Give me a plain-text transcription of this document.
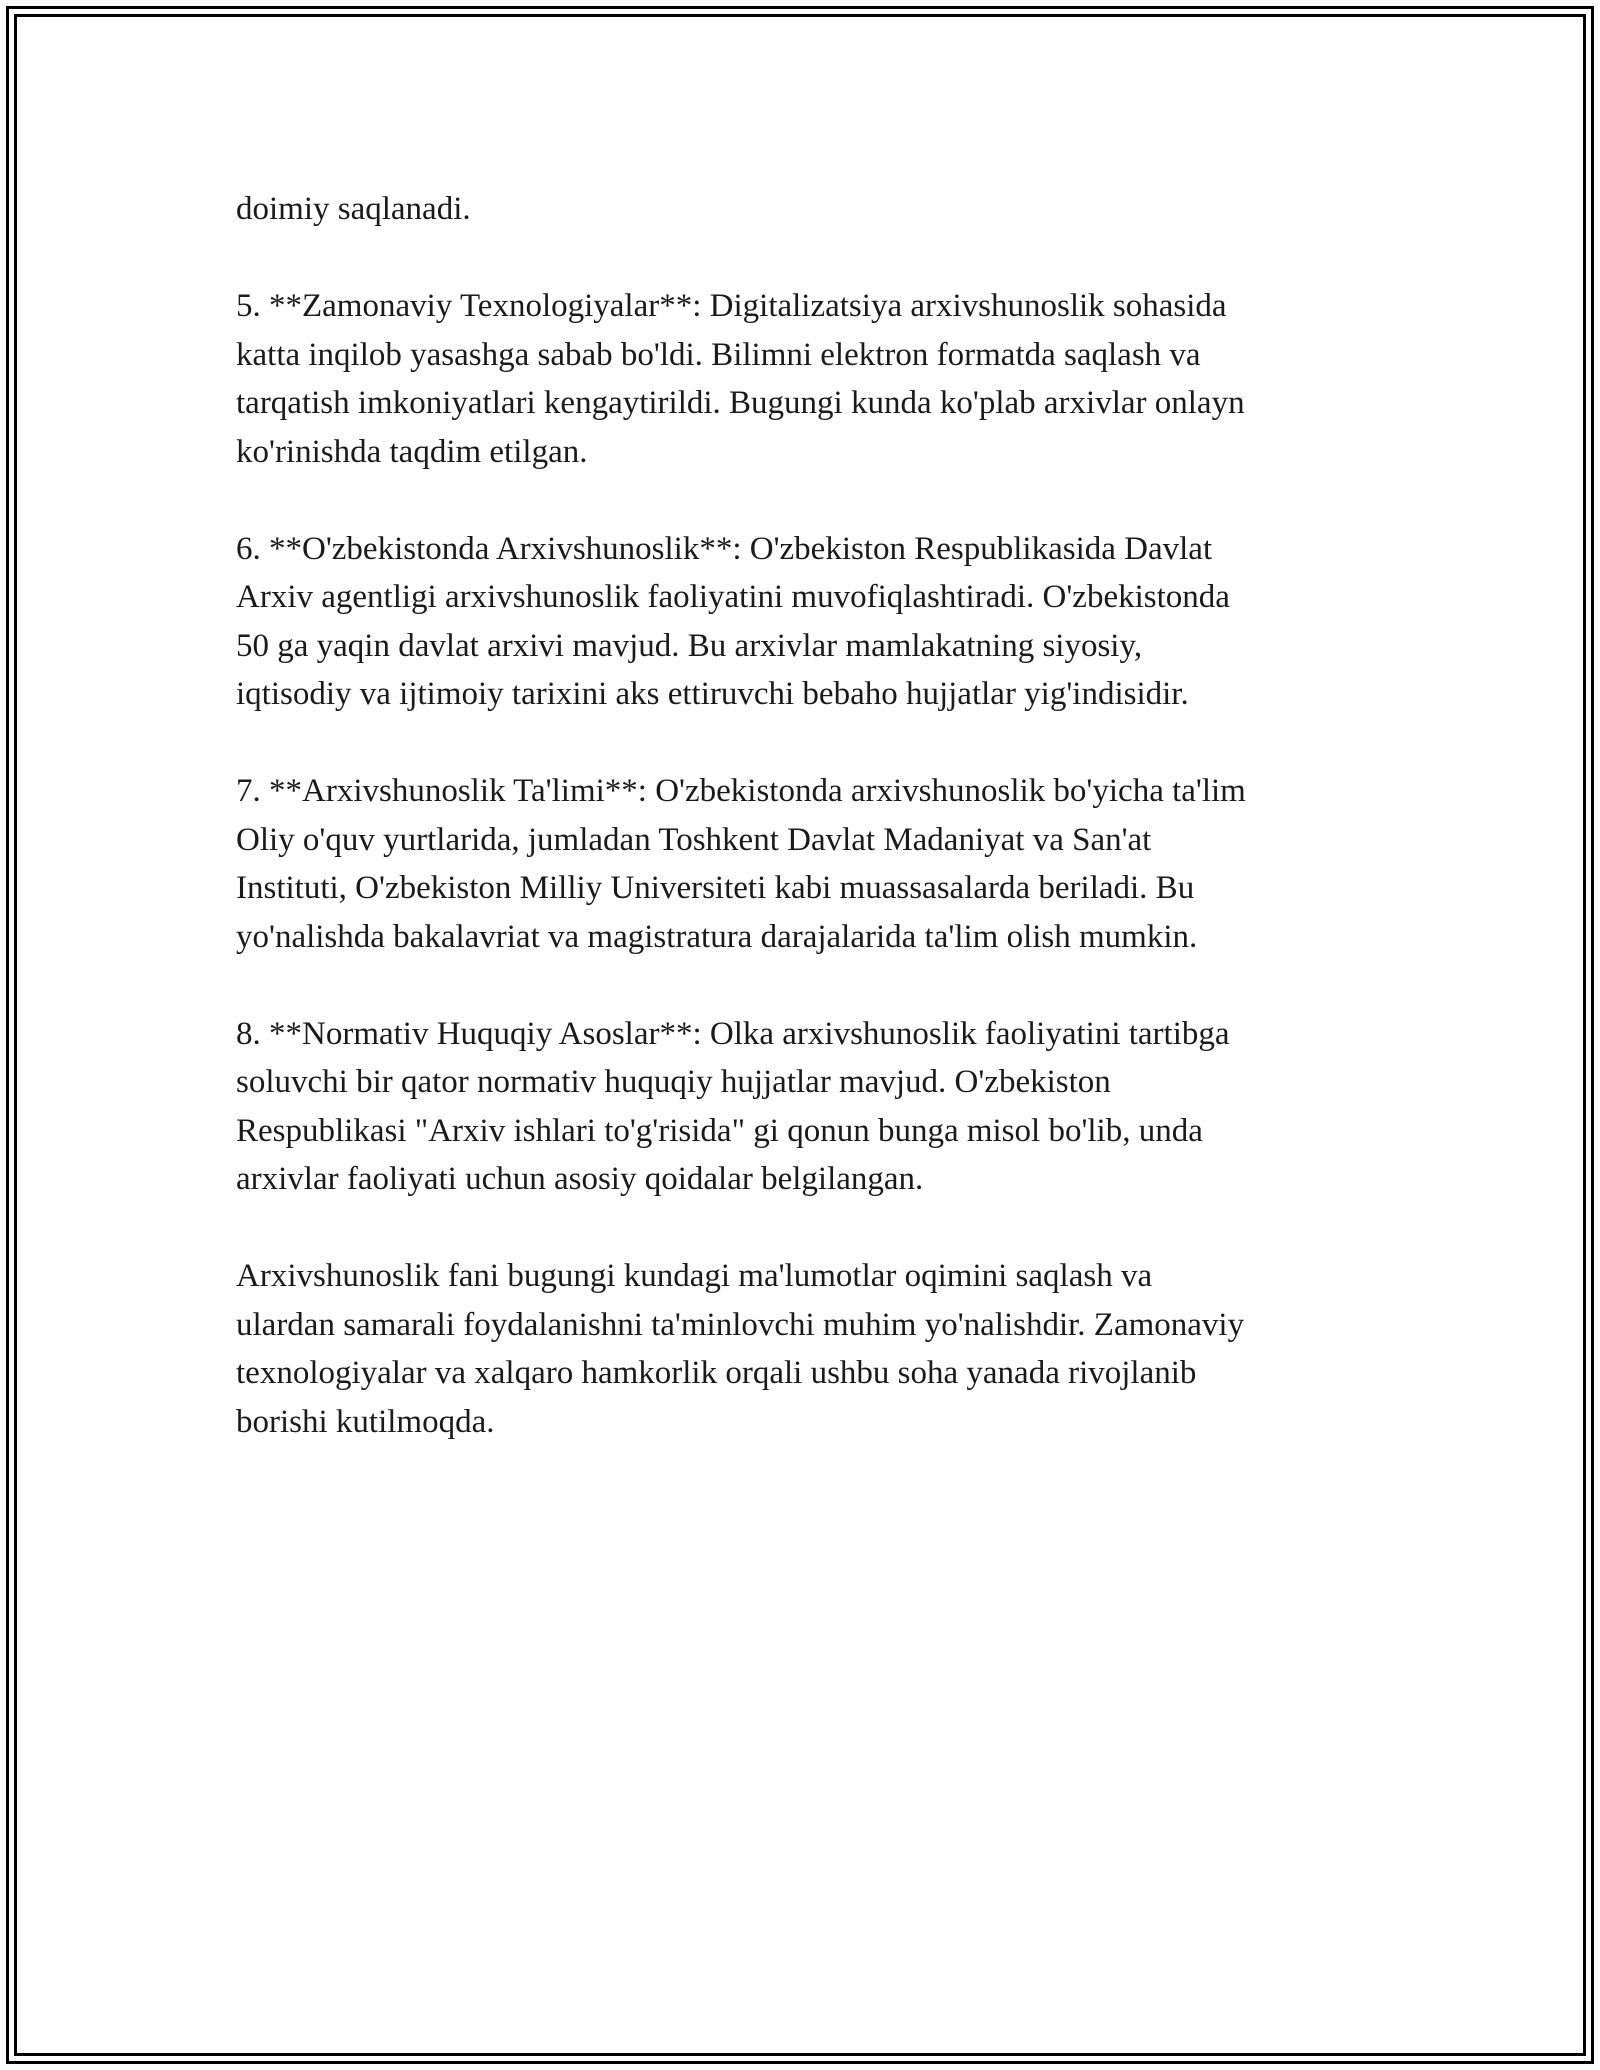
doimiy saqlanadi.

5. **Zamonaviy Texnologiyalar**: Digitalizatsiya arxivshunoslik sohasida
katta inqilob yasashga sabab bo'ldi. Bilimni elektron formatda saqlash va
tarqatish imkoniyatlari kengaytirildi. Bugungi kunda ko'plab arxivlar onlayn
ko'rinishda taqdim etilgan.

6. **O'zbekistonda Arxivshunoslik**: O'zbekiston Respublikasida Davlat
Arxiv agentligi arxivshunoslik faoliyatini muvofiqlashtiradi. O'zbekistonda
50 ga yaqin davlat arxivi mavjud. Bu arxivlar mamlakatning siyosiy,
iqtisodiy va ijtimoiy tarixini aks ettiruvchi bebaho hujjatlar yig'indisidir.

7. **Arxivshunoslik Ta'limi**: O'zbekistonda arxivshunoslik bo'yicha ta'lim
Oliy o'quv yurtlarida, jumladan Toshkent Davlat Madaniyat va San'at
Instituti, O'zbekiston Milliy Universiteti kabi muassasalarda beriladi. Bu
yo'nalishda bakalavriat va magistratura darajalarida ta'lim olish mumkin.

8. **Normativ Huquqiy Asoslar**: Olka arxivshunoslik faoliyatini tartibga
soluvchi bir qator normativ huquqiy hujjatlar mavjud. O'zbekiston
Respublikasi "Arxiv ishlari to'g'risida" gi qonun bunga misol bo'lib, unda
arxivlar faoliyati uchun asosiy qoidalar belgilangan.

Arxivshunoslik fani bugungi kundagi ma'lumotlar oqimini saqlash va
ulardan samarali foydalanishni ta'minlovchi muhim yo'nalishdir. Zamonaviy
texnologiyalar va xalqaro hamkorlik orqali ushbu soha yanada rivojlanib
borishi kutilmoqda.
